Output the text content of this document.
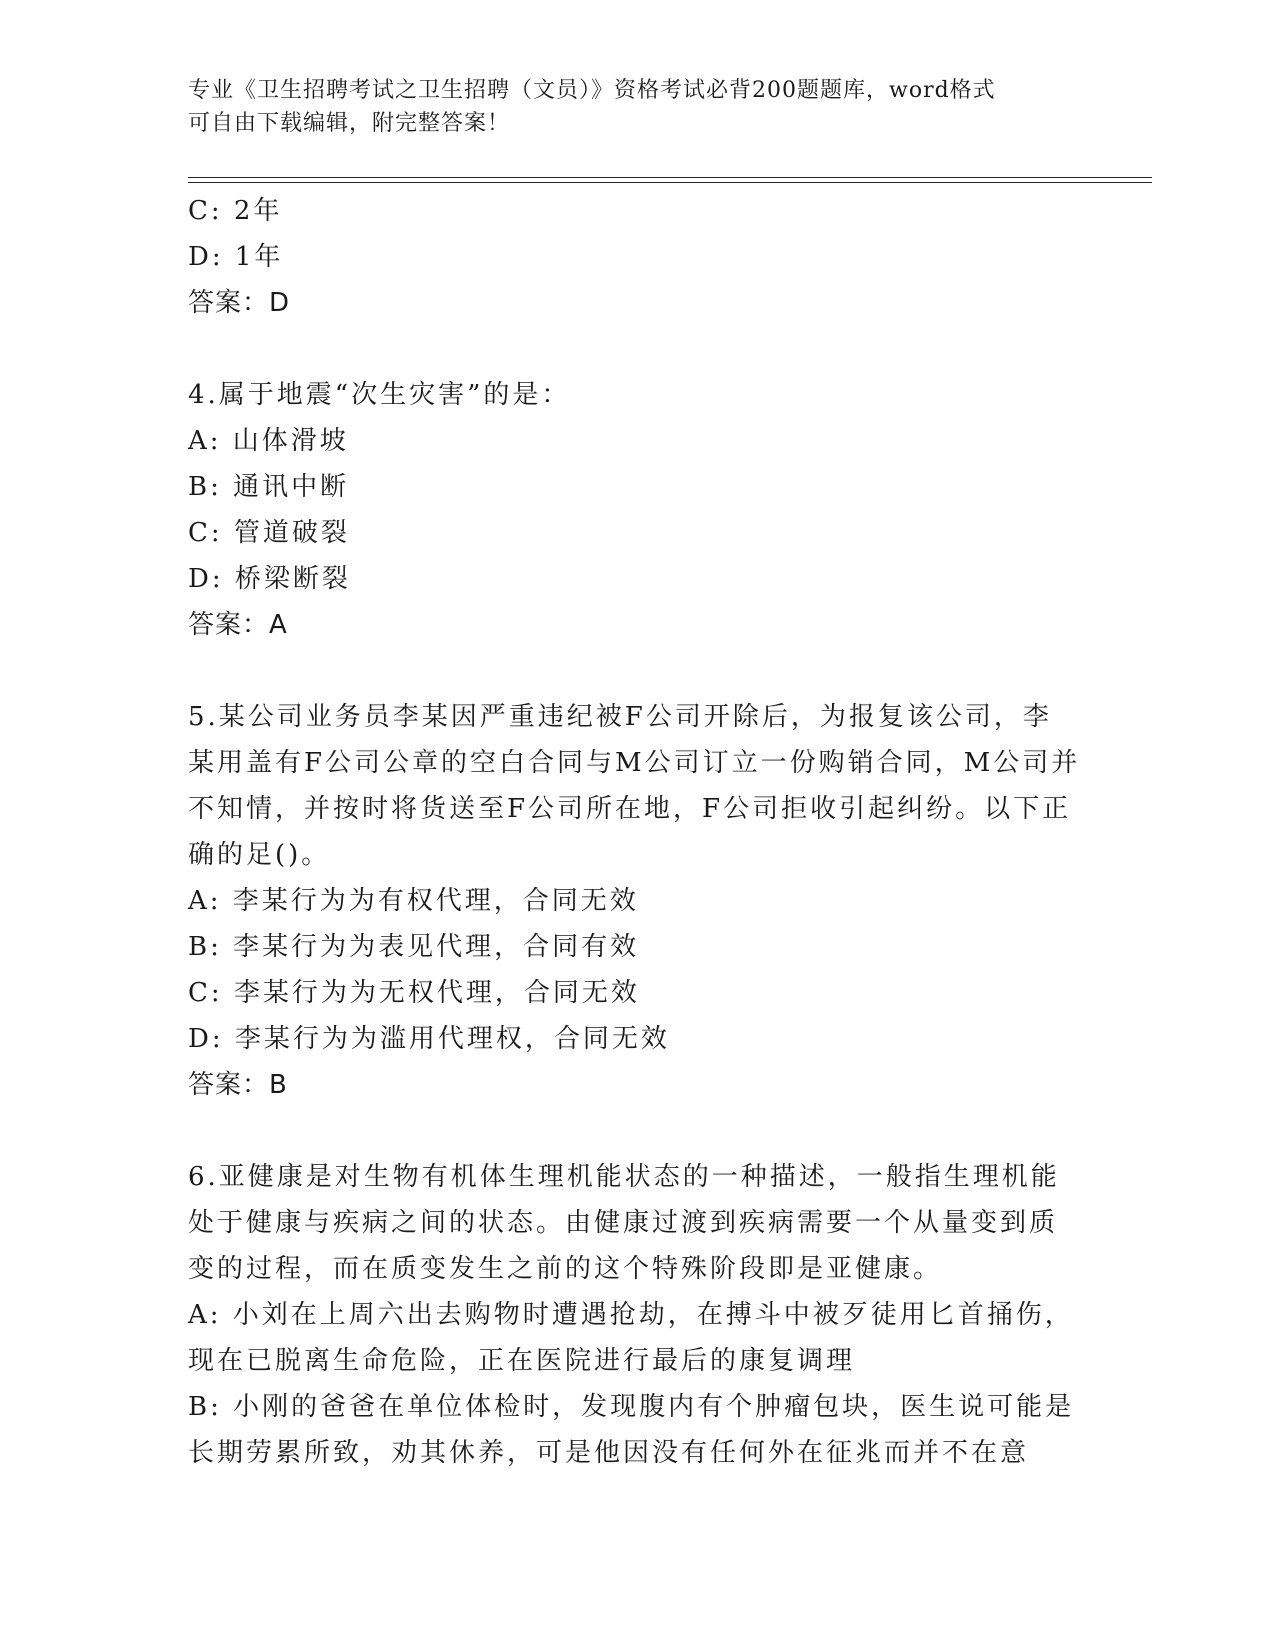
专业《卫生招聘考试之卫生招聘（文员）》资格考试必背200题题库，word格式
可自由下载编辑，附完整答案！
C: 2年
D: 1年
答案：D
4.属于地震“次生灾害”的是：
A: 山体滑坡
B: 通讯中断
C: 管道破裂
D: 桥梁断裂
答案：A
5.某公司业务员李某因严重违纪被F公司开除后，为报复该公司，李
某用盖有F公司公章的空白合同与M公司订立一份购销合同，M公司并
不知情，并按时将货送至F公司所在地，F公司拒收引起纠纷。以下正
确的足()。
A: 李某行为为有权代理，合同无效
B: 李某行为为表见代理，合同有效
C: 李某行为为无权代理，合同无效
D: 李某行为为滥用代理权，合同无效
答案：B
6.亚健康是对生物有机体生理机能状态的一种描述，一般指生理机能
处于健康与疾病之间的状态。由健康过渡到疾病需要一个从量变到质
变的过程，而在质变发生之前的这个特殊阶段即是亚健康。
A: 小刘在上周六出去购物时遭遇抢劫，在搏斗中被歹徒用匕首捅伤，
现在已脱离生命危险，正在医院进行最后的康复调理
B: 小刚的爸爸在单位体检时，发现腹内有个肿瘤包块，医生说可能是
长期劳累所致，劝其休养，可是他因没有任何外在征兆而并不在意
